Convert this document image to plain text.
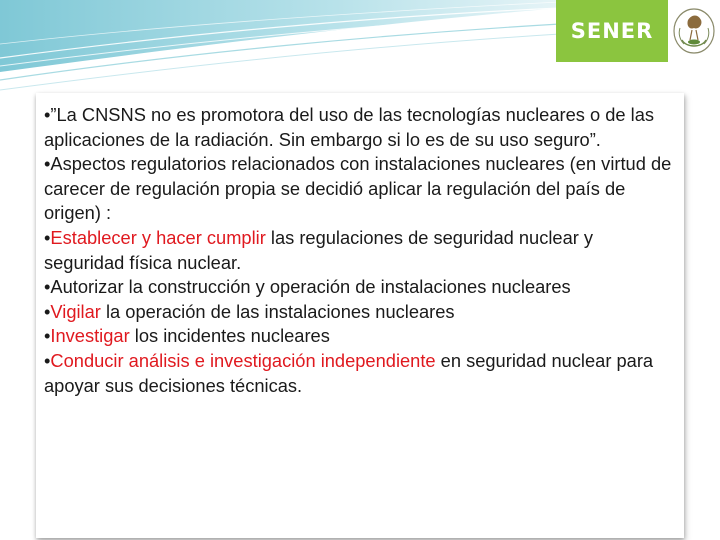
SENER

•”La CNSNS no es promotora del uso de las tecnologías nucleares o de las aplicaciones de la radiación. Sin embargo si lo es de su uso seguro”.

•Aspectos regulatorios relacionados con instalaciones nucleares (en virtud de carecer de regulación propia se decidió aplicar la regulación del país de origen) :

•Establecer y hacer cumplir las regulaciones de seguridad nuclear y seguridad física nuclear.

•Autorizar la construcción y operación de instalaciones nucleares

•Vigilar la operación de las instalaciones nucleares

•Investigar los incidentes nucleares

•Conducir análisis e investigación independiente en seguridad nuclear para apoyar sus decisiones técnicas.
